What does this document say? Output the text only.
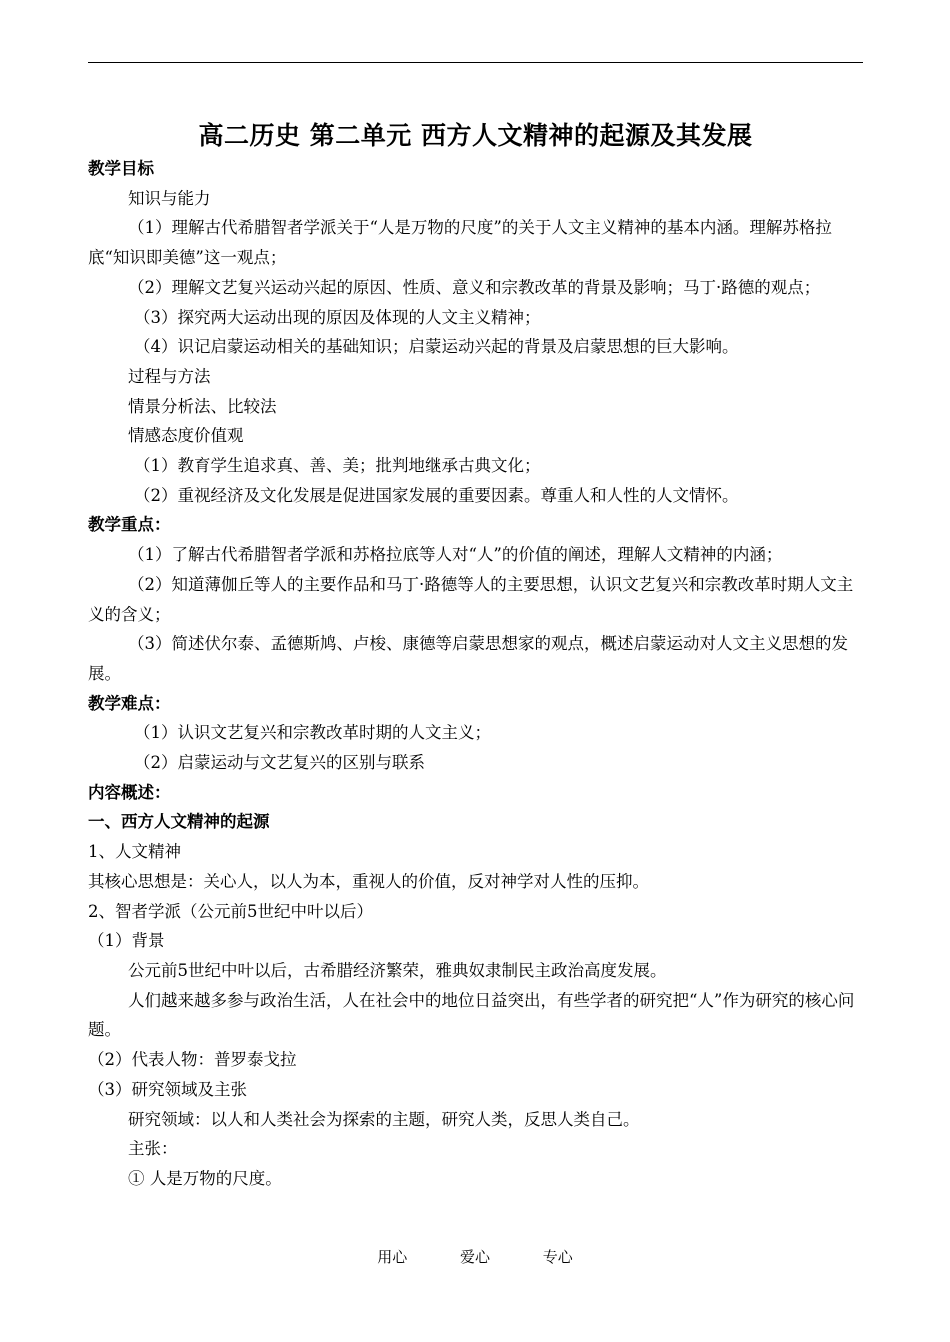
高二历史 第二单元 西方人文精神的起源及其发展

教学目标

知识与能力

（1）理解古代希腊智者学派关于“人是万物的尺度”的关于人文主义精神的基本内涵。理解苏格拉底“知识即美德”这一观点；

（2）理解文艺复兴运动兴起的原因、性质、意义和宗教改革的背景及影响；马丁·路德的观点；

（3）探究两大运动出现的原因及体现的人文主义精神；

（4）识记启蒙运动相关的基础知识；启蒙运动兴起的背景及启蒙思想的巨大影响。

过程与方法

情景分析法、比较法

情感态度价值观

（1）教育学生追求真、善、美；批判地继承古典文化；

（2）重视经济及文化发展是促进国家发展的重要因素。尊重人和人性的人文情怀。

教学重点：

（1）了解古代希腊智者学派和苏格拉底等人对“人”的价值的阐述，理解人文精神的内涵；

（2）知道薄伽丘等人的主要作品和马丁·路德等人的主要思想，认识文艺复兴和宗教改革时期人文主义的含义；

（3）简述伏尔泰、孟德斯鸠、卢梭、康德等启蒙思想家的观点，概述启蒙运动对人文主义思想的发展。

教学难点：

（1）认识文艺复兴和宗教改革时期的人文主义；

（2）启蒙运动与文艺复兴的区别与联系

内容概述：

一、西方人文精神的起源

1、人文精神

其核心思想是：关心人，以人为本，重视人的价值，反对神学对人性的压抑。

2、智者学派（公元前5世纪中叶以后）

（1）背景

公元前5世纪中叶以后，古希腊经济繁荣，雅典奴隶制民主政治高度发展。

人们越来越多参与政治生活，人在社会中的地位日益突出，有些学者的研究把“人”作为研究的核心问题。

（2）代表人物：普罗泰戈拉

（3）研究领域及主张

研究领域：以人和人类社会为探索的主题，研究人类，反思人类自己。

主张：

① 人是万物的尺度。

用心	爱心	专心
